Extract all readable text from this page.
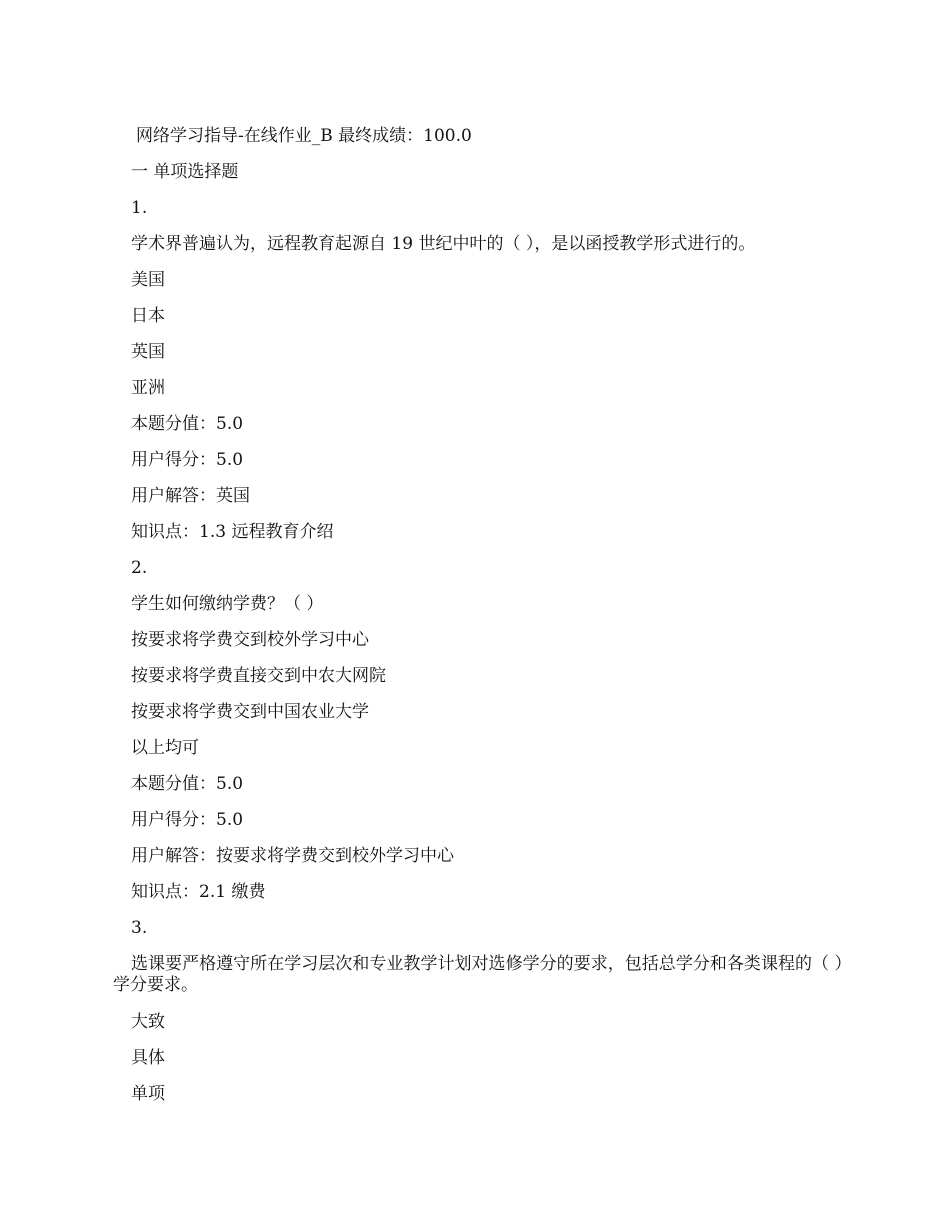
网络学习指导-在线作业_B 最终成绩：100.0
一 单项选择题
1.
学术界普遍认为，远程教育起源自 19 世纪中叶的（ ），是以函授教学形式进行的。
美国
日本
英国
亚洲
本题分值：5.0
用户得分：5.0
用户解答：英国
知识点：1.3 远程教育介绍
2.
学生如何缴纳学费？（ ）
按要求将学费交到校外学习中心
按要求将学费直接交到中农大网院
按要求将学费交到中国农业大学
以上均可
本题分值：5.0
用户得分：5.0
用户解答：按要求将学费交到校外学习中心
知识点：2.1 缴费
3.
选课要严格遵守所在学习层次和专业教学计划对选修学分的要求，包括总学分和各类课程的（ ）学分要求。
大致
具体
单项
